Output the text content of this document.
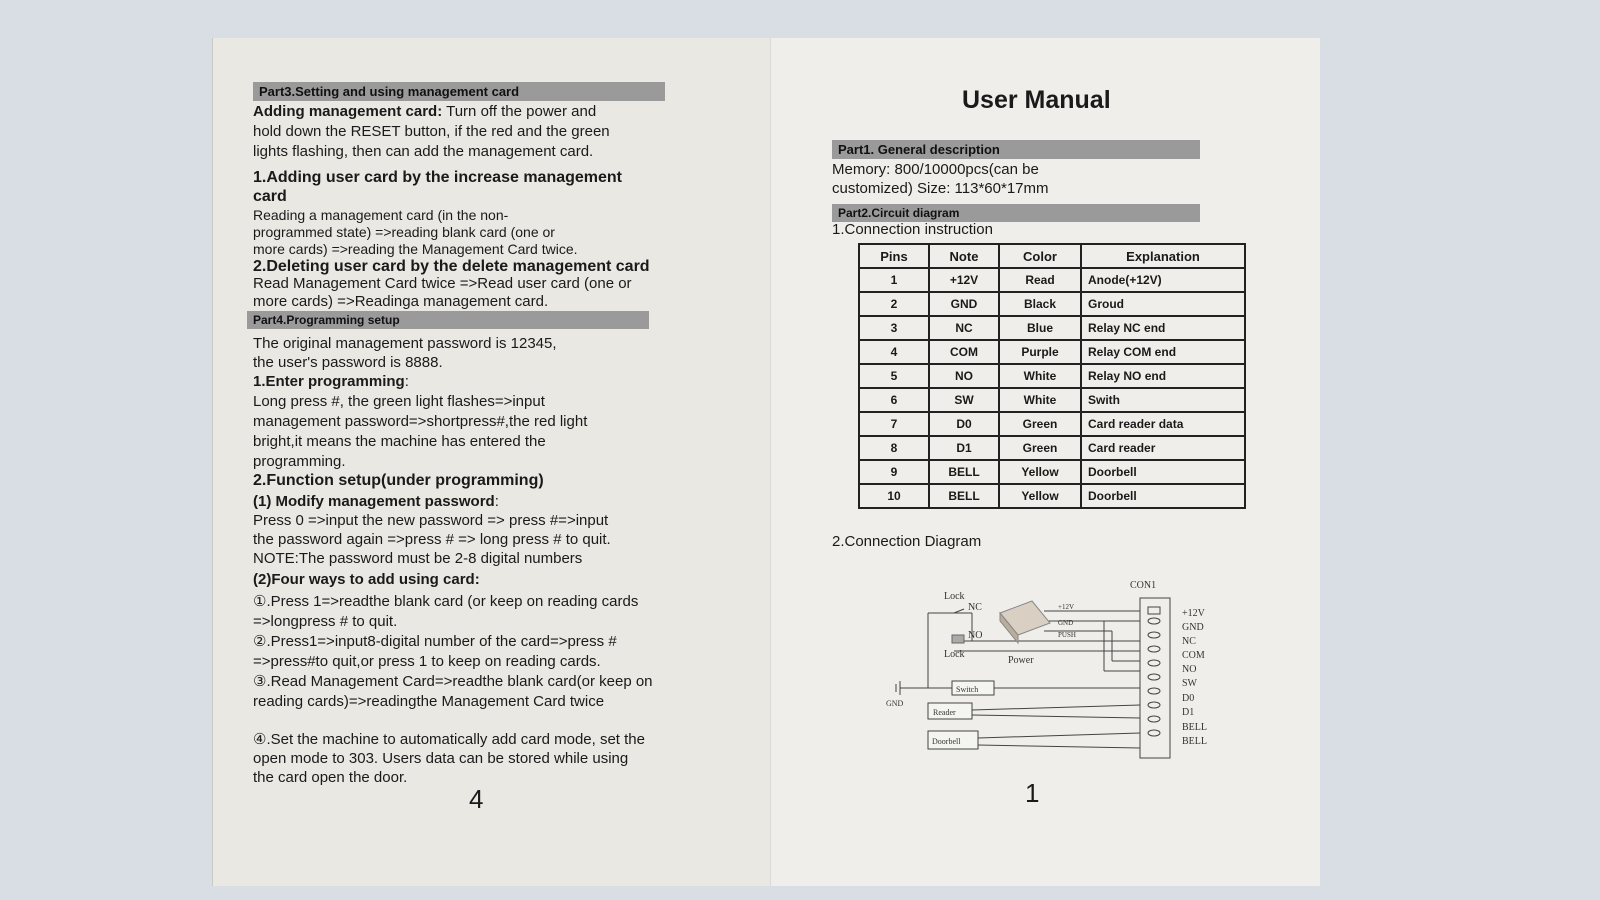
Part3.Setting and using management card
Adding management card: Turn off the power and
hold down the RESET button, if the red and the green
lights flashing, then can add the management card.
1.Adding user card by the increase management card
Reading a management card (in the non-
programmed state) =>reading blank card (one or
more cards) =>reading the Management Card twice.
2.Deleting user card by the delete management card
Read Management Card twice =>Read user card (one or
more cards) =>Readinga management card.
Part4.Programming setup
The original management password is 12345,
the user's password is 8888.
1.Enter programming:
Long press #, the green light flashes=>input
management password=>shortpress#,the red light
bright,it means the machine has entered the
programming.
2.Function setup(under programming)
(1) Modify management password:
Press 0 =>input the new password => press #=>input
the password again =>press # => long press # to quit.
NOTE:The password must be 2-8 digital numbers
(2)Four ways to add using card:
①.Press 1=>readthe blank card (or keep on reading cards
=>longpress # to quit.
②.Press1=>input8-digital number of the card=>press #
=>press#to quit,or press 1 to keep on reading cards.
③.Read Management Card=>readthe blank card(or keep on
reading cards)=>readingthe Management Card twice
④.Set the machine to automatically add card mode, set the
open mode to 303. Users data can be stored while using
the card open the door.
4
User Manual
Part1. General description
Memory: 800/10000pcs(can be
customized) Size: 113*60*17mm
Part2.Circuit diagram
1.Connection instruction
Pins	Note	Color	Explanation
1	+12V	Read	Anode(+12V)
2	GND	Black	Groud
3	NC	Blue	Relay NC end
4	COM	Purple	Relay COM end
5	NO	White	Relay NO end
6	SW	White	Swith
7	D0	Green	Card reader data
8	D1	Green	Card reader
9	BELL	Yellow	Doorbell
10	BELL	Yellow	Doorbell
2.Connection Diagram
CON1
Lock
NC
NO
Lock
Power
+12V
GND
PUSH
Switch
Reader
Doorbell
GND
+12V
GND
NC
COM
NO
SW
D0
D1
BELL
BELL
1
